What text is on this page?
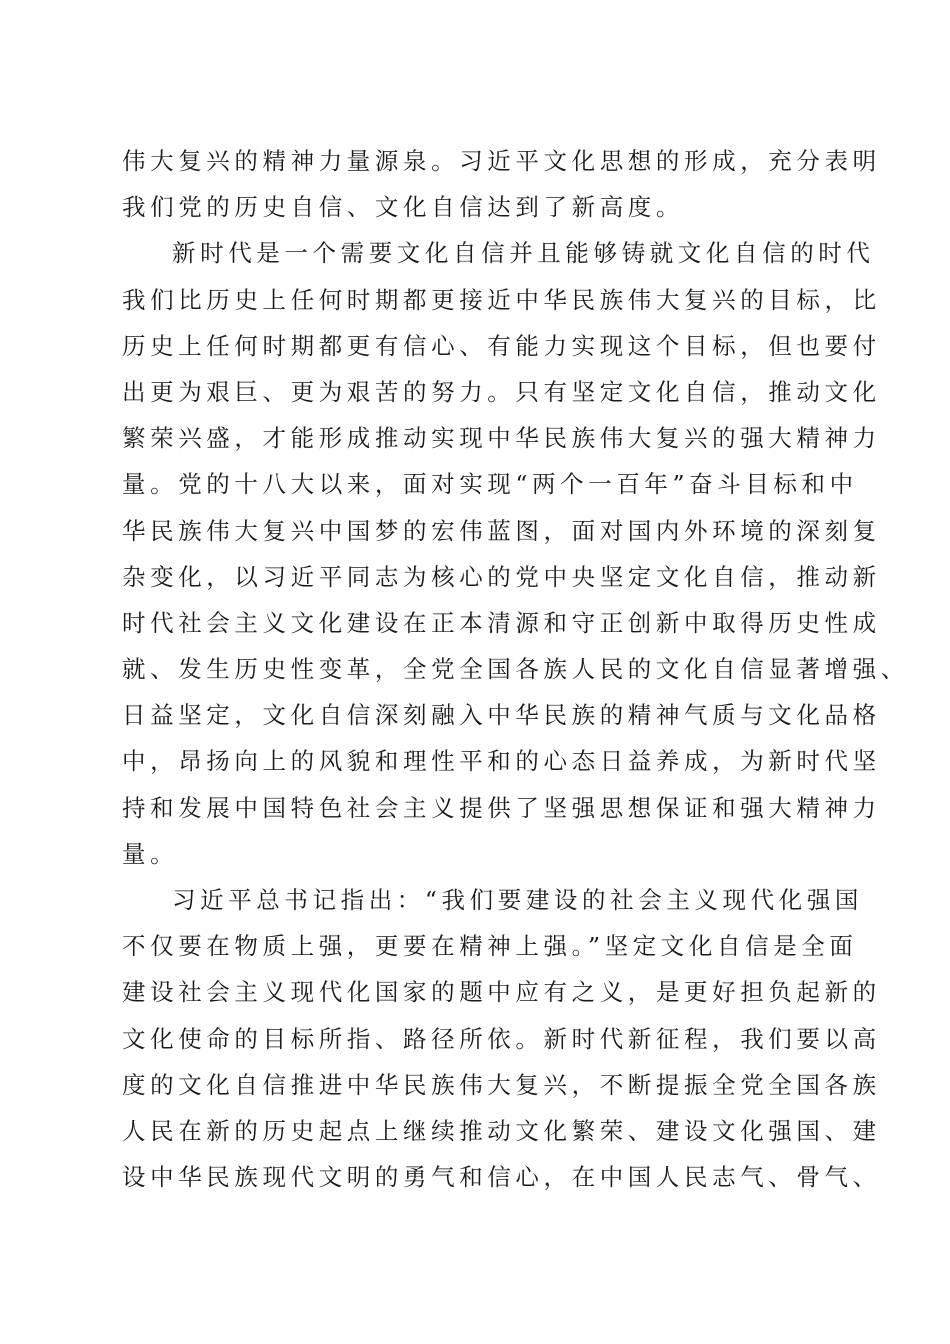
伟大复兴的精神力量源泉。习近平文化思想的形成，充分表明
我们党的历史自信、文化自信达到了新高度。
新时代是一个需要文化自信并且能够铸就文化自信的时代
我们比历史上任何时期都更接近中华民族伟大复兴的目标，比
历史上任何时期都更有信心、有能力实现这个目标，但也要付
出更为艰巨、更为艰苦的努力。只有坚定文化自信，推动文化
繁荣兴盛，才能形成推动实现中华民族伟大复兴的强大精神力
量。党的十八大以来，面对实现“两个一百年”奋斗目标和中
华民族伟大复兴中国梦的宏伟蓝图，面对国内外环境的深刻复
杂变化，以习近平同志为核心的党中央坚定文化自信，推动新
时代社会主义文化建设在正本清源和守正创新中取得历史性成
就、发生历史性变革，全党全国各族人民的文化自信显著增强、
日益坚定，文化自信深刻融入中华民族的精神气质与文化品格
中，昂扬向上的风貌和理性平和的心态日益养成，为新时代坚
持和发展中国特色社会主义提供了坚强思想保证和强大精神力
量。
习近平总书记指出：“我们要建设的社会主义现代化强国
不仅要在物质上强，更要在精神上强。”坚定文化自信是全面
建设社会主义现代化国家的题中应有之义，是更好担负起新的
文化使命的目标所指、路径所依。新时代新征程，我们要以高
度的文化自信推进中华民族伟大复兴，不断提振全党全国各族
人民在新的历史起点上继续推动文化繁荣、建设文化强国、建
设中华民族现代文明的勇气和信心，在中国人民志气、骨气、
